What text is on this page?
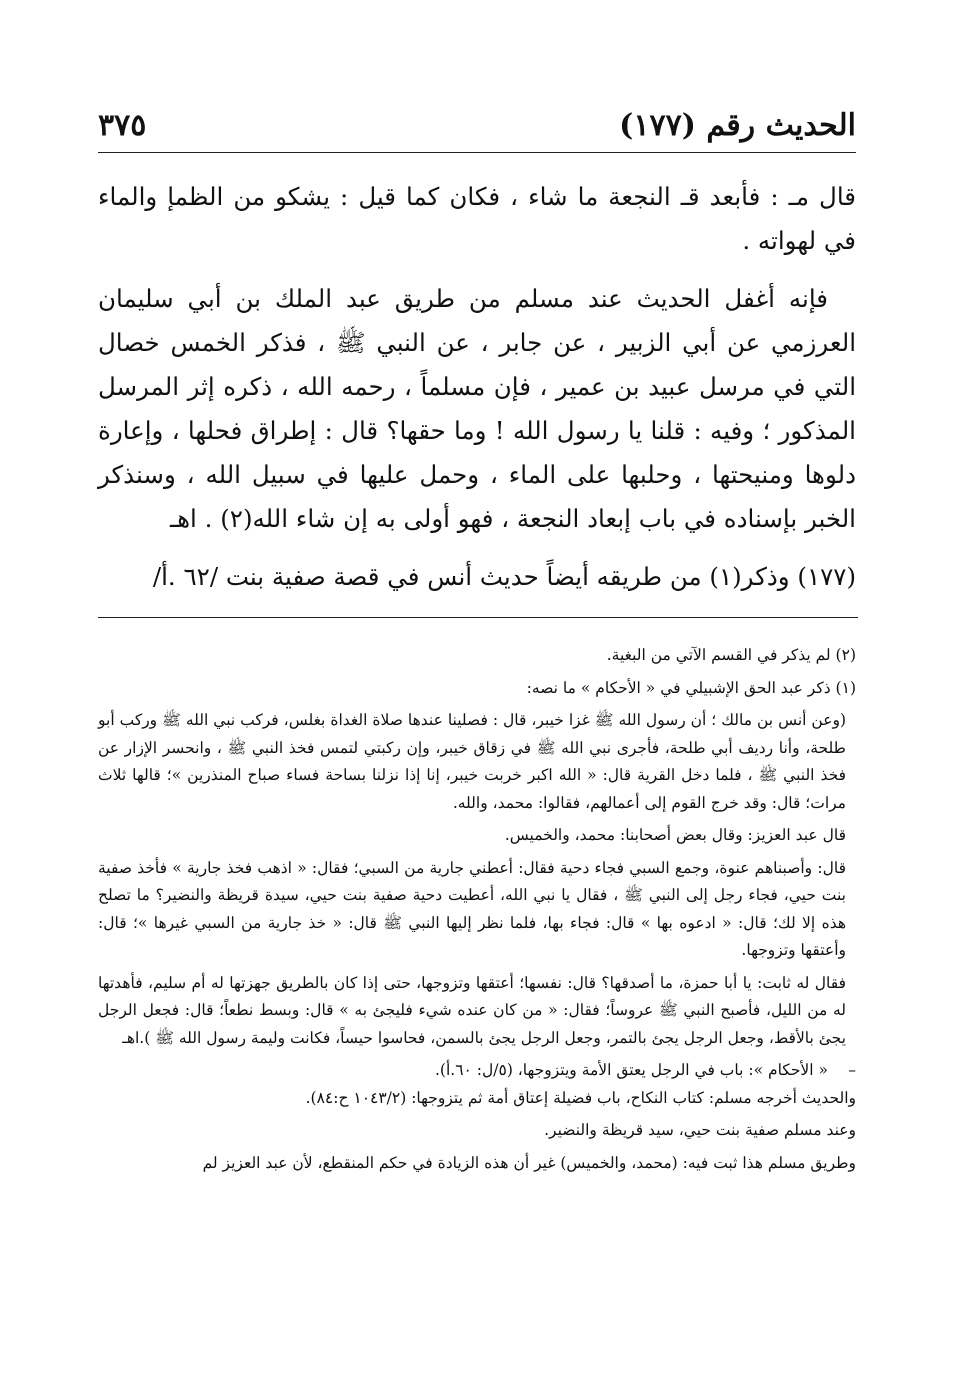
الحديث رقم (١٧٧)
٣٧٥

قال مـ : فأبعد قـ النجعة ما شاء ، فكان كما قيل : يشكو من الظمإ والماء في لهواته .

فإنه أغفل الحديث عند مسلم من طريق عبد الملك بن أبي سليمان العرزمي عن أبي الزبير ، عن جابر ، عن النبي ﷺ ، فذكر الخمس خصال التي في مرسل عبيد بن عمير ، فإن مسلماً ، رحمه الله ، ذكره إثر المرسل المذكور ؛ وفيه : قلنا يا رسول الله ! وما حقها؟ قال : إطراق فحلها ، وإعارة دلوها ومنيحتها ، وحلبها على الماء ، وحمل عليها في سبيل الله ، وسنذكر الخبر بإسناده في باب إبعاد النجعة ، فهو أولى به إن شاء الله(٢) . اهـ

(١٧٧) وذكر(١) من طريقه أيضاً حديث أنس في قصة صفية بنت /٦٢ .أ/

(٢) لم يذكر في القسم الآتي من البغية.

(١) ذكر عبد الحق الإشبيلي في « الأحكام » ما نصه:

(وعن أنس بن مالك ؛ أن رسول الله ﷺ غزا خيبر، قال : فصلينا عندها صلاة الغداة بغلس، فركب نبي الله ﷺ وركب أبو طلحة، وأنا رديف أبي طلحة، فأجرى نبي الله ﷺ في زقاق خيبر، وإن ركبتي لتمس فخذ النبي ﷺ ، وانحسر الإزار عن فخذ النبي ﷺ ، فلما دخل القرية قال: « الله اكبر خربت خيبر، إنا إذا نزلنا بساحة فساء صباح المنذرين »؛ قالها ثلاث مرات؛ قال: وقد خرج القوم إلى أعمالهم، فقالوا: محمد، والله.

قال عبد العزيز: وقال بعض أصحابنا: محمد، والخميس.

قال: وأصبناهم عنوة، وجمع السبي فجاء دحية فقال: أعطني جارية من السبي؛ فقال: « اذهب فخذ جارية » فأخذ صفية بنت حيي، فجاء رجل إلى النبي ﷺ ، فقال يا نبي الله، أعطيت دحية صفية بنت حيي، سيدة قريظة والنضير؟ ما تصلح هذه إلا لك؛ قال: « ادعوه بها » قال: فجاء بها، فلما نظر إليها النبي ﷺ قال: « خذ جارية من السبي غيرها »؛ قال: وأعتقها وتزوجها.

فقال له ثابت: يا أبا حمزة، ما أصدقها؟ قال: نفسها؛ أعتقها وتزوجها، حتى إذا كان بالطريق جهزتها له أم سليم، فأهدتها له من الليل، فأصبح النبي ﷺ عروساً؛ فقال: « من كان عنده شيء فليجئ به » قال: وبسط نطعاً؛ قال: فجعل الرجل يجئ بالأقط، وجعل الرجل يجئ بالتمر، وجعل الرجل يجئ بالسمن، فحاسوا حيساً، فكانت وليمة رسول الله ﷺ ).اهـ

–
« الأحكام »: باب في الرجل يعتق الأمة ويتزوجها، (٥/ل: ٦٠.أ).

والحديث أخرجه مسلم: كتاب النكاح، باب فضيلة إعتاق أمة ثم يتزوجها: (١٠٤٣/٢ ح:٨٤).

وعند مسلم صفية بنت حيي، سيد قريظة والنضير.

وطريق مسلم هذا ثبت فيه: (محمد، والخميس) غير أن هذه الزيادة في حكم المنقطع، لأن عبد العزيز لم
